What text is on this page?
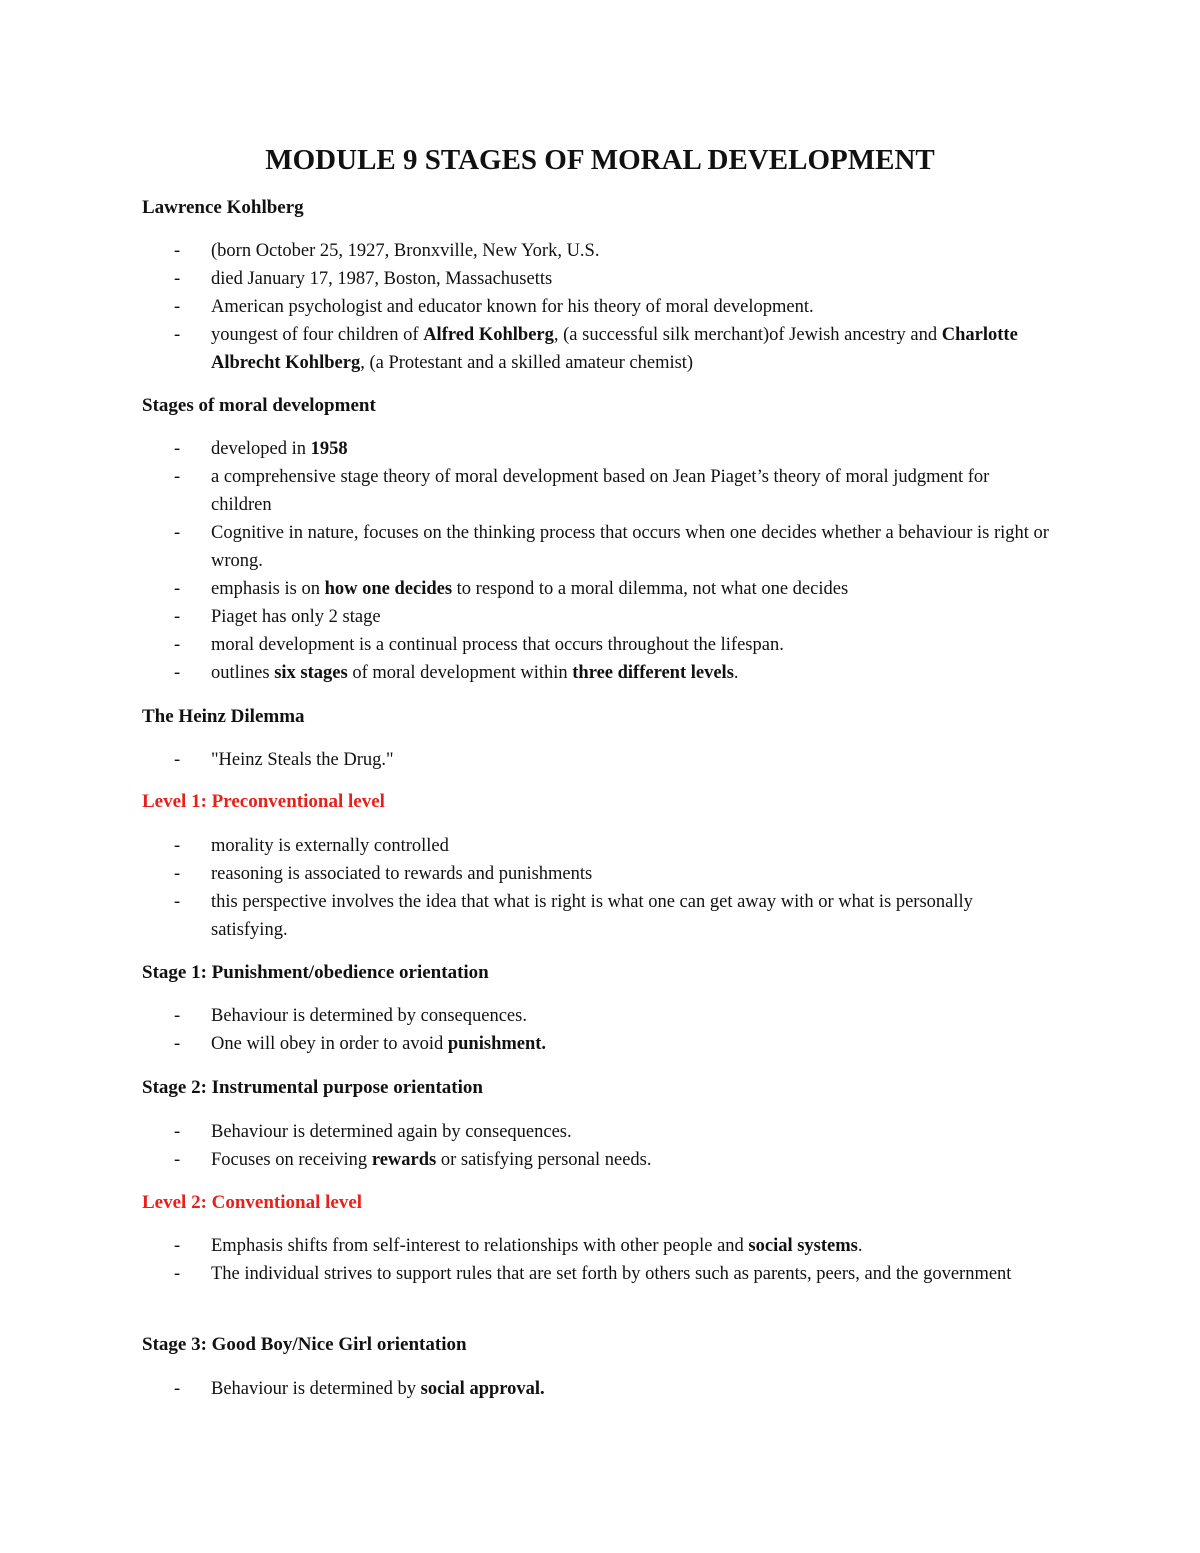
MODULE 9 STAGES OF MORAL DEVELOPMENT
Lawrence Kohlberg
- (born October 25, 1927, Bronxville, New York, U.S.
- died January 17, 1987, Boston, Massachusetts
- American psychologist and educator known for his theory of moral development.
- youngest of four children of Alfred Kohlberg, (a successful silk merchant)of Jewish ancestry and Charlotte Albrecht Kohlberg, (a Protestant and a skilled amateur chemist)
Stages of moral development
- developed in 1958
- a comprehensive stage theory of moral development based on Jean Piaget’s theory of moral judgment for children
- Cognitive in nature, focuses on the thinking process that occurs when one decides whether a behaviour is right or wrong.
- emphasis is on how one decides to respond to a moral dilemma, not what one decides
- Piaget has only 2 stage
- moral development is a continual process that occurs throughout the lifespan.
- outlines six stages of moral development within three different levels.
The Heinz Dilemma
- "Heinz Steals the Drug."
Level 1: Preconventional level
- morality is externally controlled
- reasoning is associated to rewards and punishments
- this perspective involves the idea that what is right is what one can get away with or what is personally satisfying.
Stage 1: Punishment/obedience orientation
- Behaviour is determined by consequences.
- One will obey in order to avoid punishment.
Stage 2: Instrumental purpose orientation
- Behaviour is determined again by consequences.
- Focuses on receiving rewards or satisfying personal needs.
Level 2: Conventional level
- Emphasis shifts from self-interest to relationships with other people and social systems.
- The individual strives to support rules that are set forth by others such as parents, peers, and the government
Stage 3: Good Boy/Nice Girl orientation
- Behaviour is determined by social approval.
